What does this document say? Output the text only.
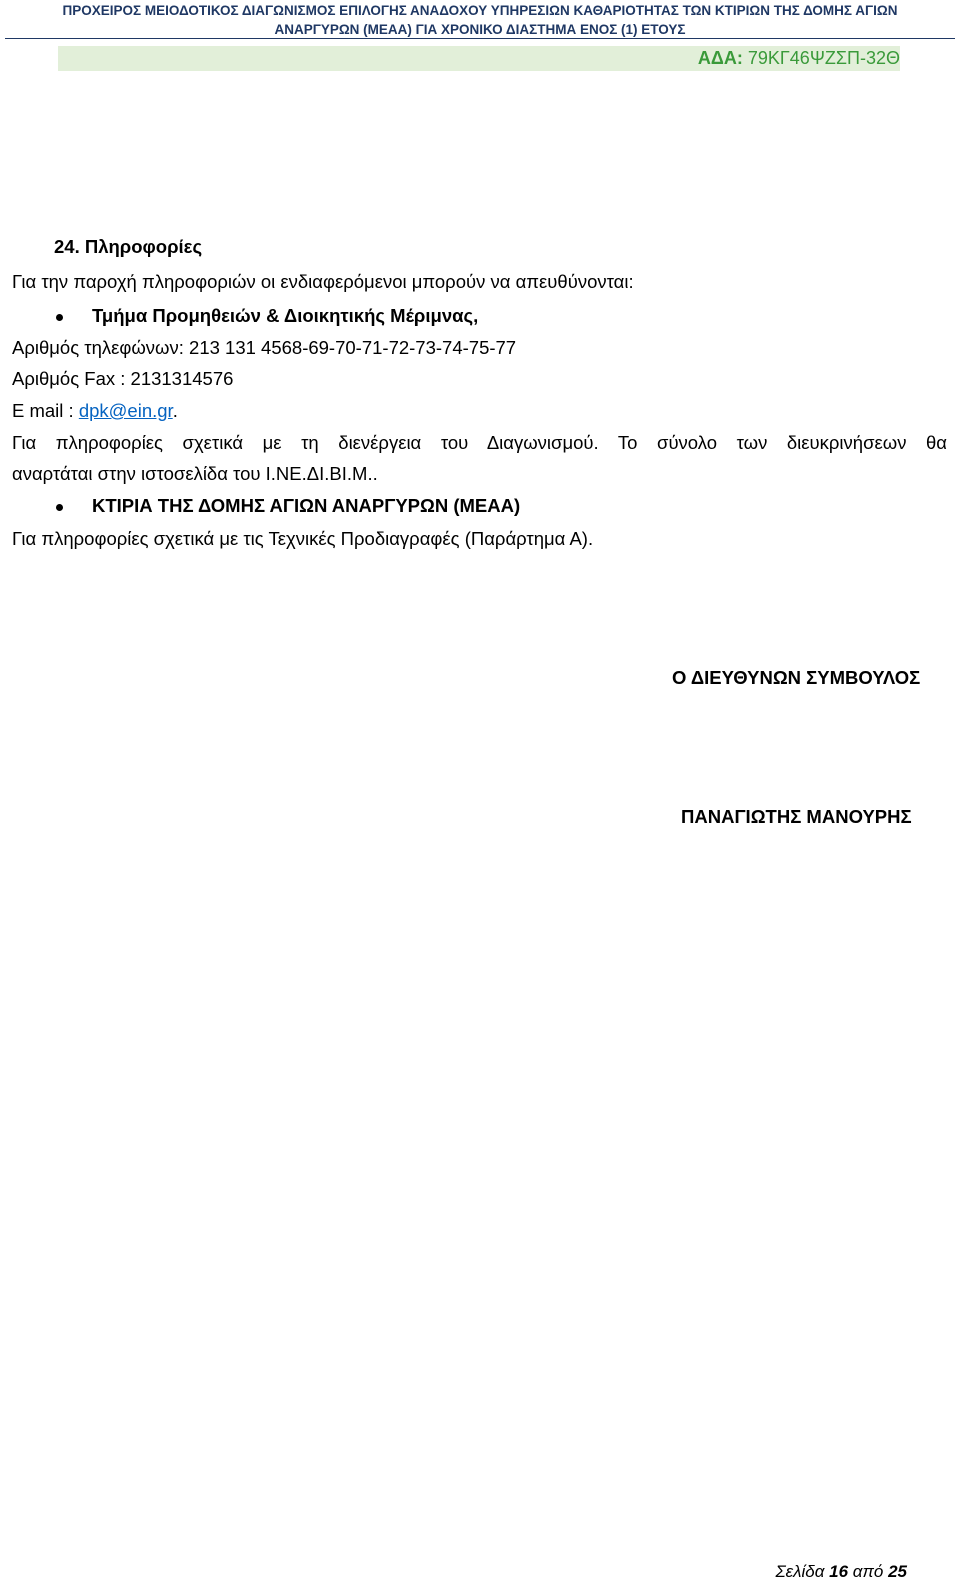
ΠΡΟΧΕΙΡΟΣ ΜΕΙΟΔΟΤΙΚΟΣ ΔΙΑΓΩΝΙΣΜΟΣ ΕΠΙΛΟΓΗΣ ΑΝΑΔΟΧΟΥ ΥΠΗΡΕΣΙΩΝ ΚΑΘΑΡΙΟΤΗΤΑΣ ΤΩΝ ΚΤΙΡΙΩΝ ΤΗΣ ΔΟΜΗΣ ΑΓΙΩΝ
ΑΝΑΡΓΥΡΩΝ (ΜΕΑΑ) ΓΙΑ ΧΡΟΝΙΚΟ ΔΙΑΣΤΗΜΑ ΕΝΟΣ (1) ΕΤΟΥΣ
ΑΔΑ: 79ΚΓ46ΨΖΣΠ-32Θ
24. Πληροφορίες
Για την παροχή πληροφοριών οι ενδιαφερόμενοι μπορούν να απευθύνονται:
Τμήμα Προμηθειών & Διοικητικής Μέριμνας,
Αριθμός τηλεφώνων: 213 131 4568-69-70-71-72-73-74-75-77
Αριθμός Fax : 2131314576
E mail : dpk@ein.gr.
Για πληροφορίες σχετικά με τη διενέργεια του Διαγωνισμού. Το σύνολο των διευκρινήσεων θα
αναρτάται στην ιστοσελίδα του Ι.ΝΕ.ΔΙ.ΒΙ.Μ..
ΚΤΙΡΙΑ ΤΗΣ ΔΟΜΗΣ ΑΓΙΩΝ ΑΝΑΡΓΥΡΩΝ (ΜΕΑΑ)
Για πληροφορίες σχετικά με τις Τεχνικές Προδιαγραφές (Παράρτημα Α).
Ο ΔΙΕΥΘΥΝΩΝ ΣΥΜΒΟΥΛΟΣ
ΠΑΝΑΓΙΩΤΗΣ ΜΑΝΟΥΡΗΣ
Σελίδα 16 από 25
